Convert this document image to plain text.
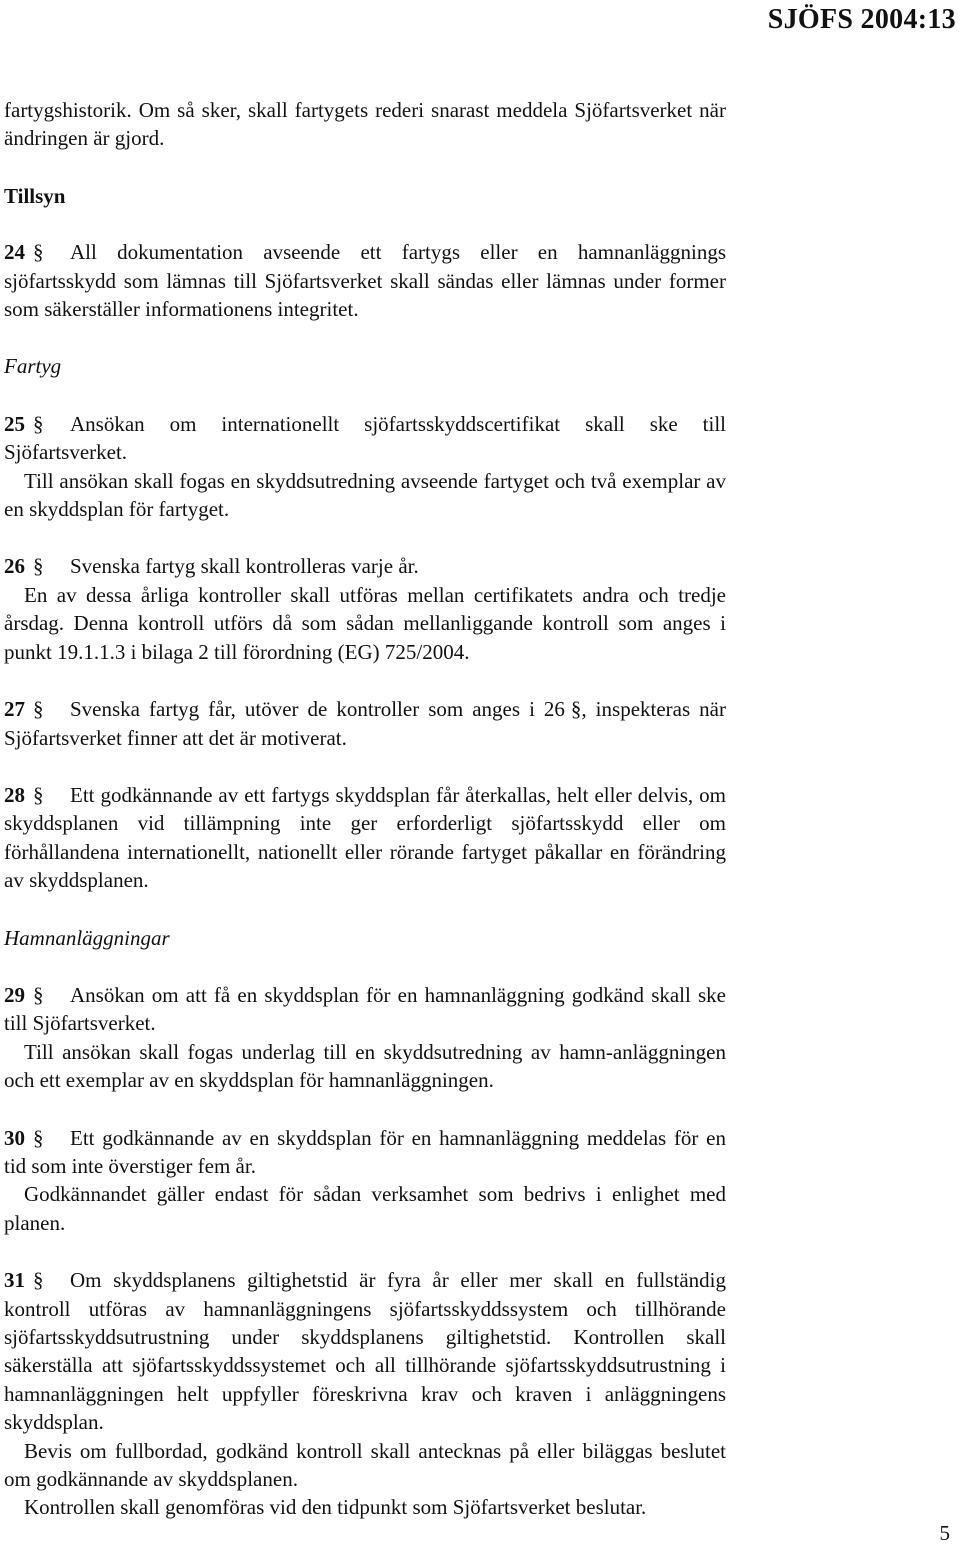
SJÖFS 2004:13

fartygshistorik. Om så sker, skall fartygets rederi snarast meddela Sjöfartsverket när ändringen är gjord.

Tillsyn

24 § All dokumentation avseende ett fartygs eller en hamnanläggnings sjöfartsskydd som lämnas till Sjöfartsverket skall sändas eller lämnas under former som säkerställer informationens integritet.

Fartyg

25 § Ansökan om internationellt sjöfartsskyddscertifikat skall ske till Sjöfartsverket.

Till ansökan skall fogas en skyddsutredning avseende fartyget och två exemplar av en skyddsplan för fartyget.

26 § Svenska fartyg skall kontrolleras varje år.

En av dessa årliga kontroller skall utföras mellan certifikatets andra och tredje årsdag. Denna kontroll utförs då som sådan mellanliggande kontroll som anges i punkt 19.1.1.3 i bilaga 2 till förordning (EG) 725/2004.

27 § Svenska fartyg får, utöver de kontroller som anges i 26 §, inspekteras när Sjöfartsverket finner att det är motiverat.

28 § Ett godkännande av ett fartygs skyddsplan får återkallas, helt eller delvis, om skyddsplanen vid tillämpning inte ger erforderligt sjöfartsskydd eller om förhållandena internationellt, nationellt eller rörande fartyget påkallar en förändring av skyddsplanen.

Hamnanläggningar

29 § Ansökan om att få en skyddsplan för en hamnanläggning godkänd skall ske till Sjöfartsverket.

Till ansökan skall fogas underlag till en skyddsutredning av hamn-anläggningen och ett exemplar av en skyddsplan för hamnanläggningen.

30 § Ett godkännande av en skyddsplan för en hamnanläggning meddelas för en tid som inte överstiger fem år.

Godkännandet gäller endast för sådan verksamhet som bedrivs i enlighet med planen.

31 § Om skyddsplanens giltighetstid är fyra år eller mer skall en fullständig kontroll utföras av hamnanläggningens sjöfartsskyddssystem och tillhörande sjöfartsskyddsutrustning under skyddsplanens giltighetstid. Kontrollen skall säkerställa att sjöfartsskyddssystemet och all tillhörande sjöfartsskyddsutrustning i hamnanläggningen helt uppfyller föreskrivna krav och kraven i anläggningens skyddsplan.

Bevis om fullbordad, godkänd kontroll skall antecknas på eller biläggas beslutet om godkännande av skyddsplanen.

Kontrollen skall genomföras vid den tidpunkt som Sjöfartsverket beslutar.

5
